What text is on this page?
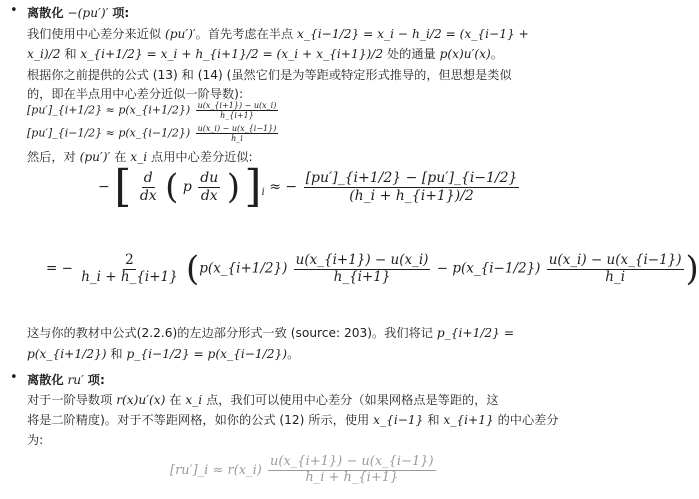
• 离散化 −(pu′)′ 项:
我们使用中心差分来近似 (pu′)′。首先考虑在半点 x_{i−1/2} = x_i − h_i/2 = (x_{i−1} +
x_i)/2 和 x_{i+1/2} = x_i + h_{i+1}/2 = (x_i + x_{i+1})/2 处的通量 p(x)u′(x)。
根据你之前提供的公式 (13) 和 (14) (虽然它们是为等距或特定形式推导的，但思想是类似
的，即在半点用中心差分近似一阶导数):
[pu′]_{i+1/2} ≈ p(x_{i+1/2}) $\frac{u(x\_\{i+1\}) - u(x\_i)}{h\_\{i+1\}}$
[pu′]_{i−1/2} ≈ p(x_{i−1/2}) $\frac{u(x\_i) - u(x\_\{i-1\})}{h\_i}$
然后，对 (pu′)′ 在 x_i 点用中心差分近似:
− [ $\frac{d}{dx}$ ( p $\frac{du}{dx}$ ) ]$_i$ ≈ − $\frac{[pu']\_\{i+1/2\} - [pu']\_\{i-1/2\}}{(h\_i + h\_\{i+1\})/2}$
= − $\frac{2}{h\_i + h\_\{i+1\}}$ (p(x_{i+1/2}) $\frac{u(x\_\{i+1\}) - u(x\_i)}{h\_\{i+1\}}$ − p(x_{i−1/2}) $\frac{u(x\_i) - u(x\_\{i-1\})}{h\_i}$ )
这与你的教材中公式(2.2.6)的左边部分形式一致 (source: 203)。我们将记 p_{i+1/2} =
p(x_{i+1/2}) 和 p_{i−1/2} = p(x_{i−1/2})。
• 离散化 ru′ 项:
对于一阶导数项 r(x)u′(x) 在 x_i 点，我们可以使用中心差分（如果网格点是等距的，这
将是二阶精度)。对于不等距网格，如你的公式 (12) 所示，使用 x_{i−1} 和 x_{i+1} 的中心差分
为:
[ru′]_i ≈ r(x_i) $\frac{u(x\_\{i+1\}) - u(x\_\{i-1\})}{h\_i + h\_\{i+1\}}$
